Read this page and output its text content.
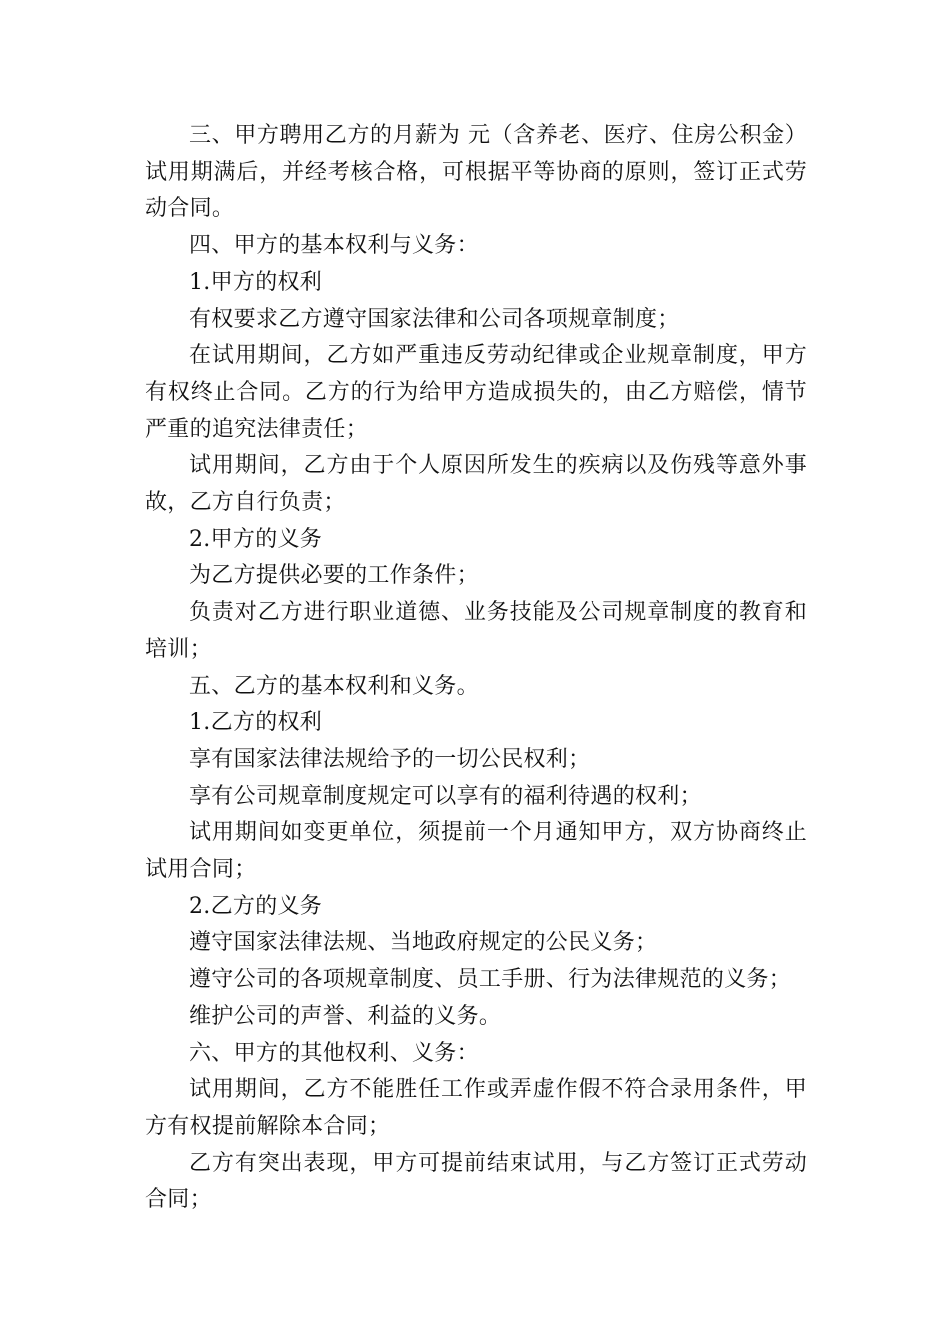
三、甲方聘用乙方的月薪为 元（含养老、医疗、住房公积金）试用期满后，并经考核合格，可根据平等协商的原则，签订正式劳动合同。

四、甲方的基本权利与义务：

1.甲方的权利

有权要求乙方遵守国家法律和公司各项规章制度；

在试用期间，乙方如严重违反劳动纪律或企业规章制度，甲方有权终止合同。乙方的行为给甲方造成损失的，由乙方赔偿，情节严重的追究法律责任；

试用期间，乙方由于个人原因所发生的疾病以及伤残等意外事故，乙方自行负责；

2.甲方的义务

为乙方提供必要的工作条件；

负责对乙方进行职业道德、业务技能及公司规章制度的教育和培训；

五、乙方的基本权利和义务。

1.乙方的权利

享有国家法律法规给予的一切公民权利；

享有公司规章制度规定可以享有的福利待遇的权利；

试用期间如变更单位，须提前一个月通知甲方，双方协商终止试用合同；

2.乙方的义务

遵守国家法律法规、当地政府规定的公民义务；

遵守公司的各项规章制度、员工手册、行为法律规范的义务；

维护公司的声誉、利益的义务。

六、甲方的其他权利、义务：

试用期间，乙方不能胜任工作或弄虚作假不符合录用条件，甲方有权提前解除本合同；

乙方有突出表现，甲方可提前结束试用，与乙方签订正式劳动合同；
